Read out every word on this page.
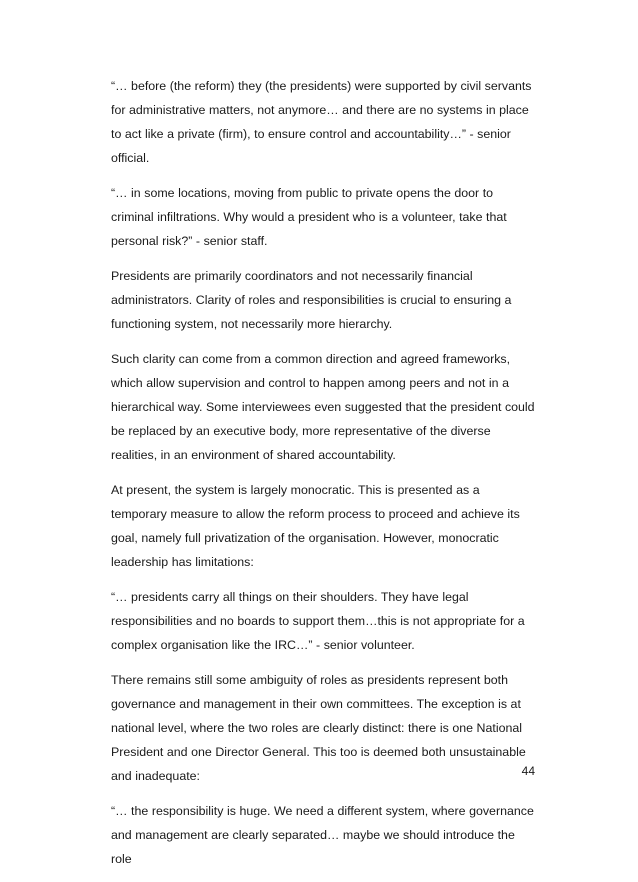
“… before (the reform) they (the presidents) were supported by civil servants for administrative matters, not anymore… and there are no systems in place to act like a private (firm), to ensure control and accountability…” - senior official.

“… in some locations, moving from public to private opens the door to criminal infiltrations. Why would a president who is a volunteer, take that personal risk?” - senior staff.

Presidents are primarily coordinators and not necessarily financial administrators. Clarity of roles and responsibilities is crucial to ensuring a functioning system, not necessarily more hierarchy.

Such clarity can come from a common direction and agreed frameworks, which allow supervision and control to happen among peers and not in a hierarchical way. Some interviewees even suggested that the president could be replaced by an executive body, more representative of the diverse realities, in an environment of shared accountability.

At present, the system is largely monocratic. This is presented as a temporary measure to allow the reform process to proceed and achieve its goal, namely full privatization of the organisation. However, monocratic leadership has limitations:

“… presidents carry all things on their shoulders. They have legal responsibilities and no boards to support them…this is not appropriate for a complex organisation like the IRC…” - senior volunteer.

There remains still some ambiguity of roles as presidents represent both governance and management in their own committees. The exception is at national level, where the two roles are clearly distinct: there is one National President and one Director General. This too is deemed both unsustainable and inadequate:

“… the responsibility is huge. We need a different system, where governance and management are clearly separated… maybe we should introduce the role

44
